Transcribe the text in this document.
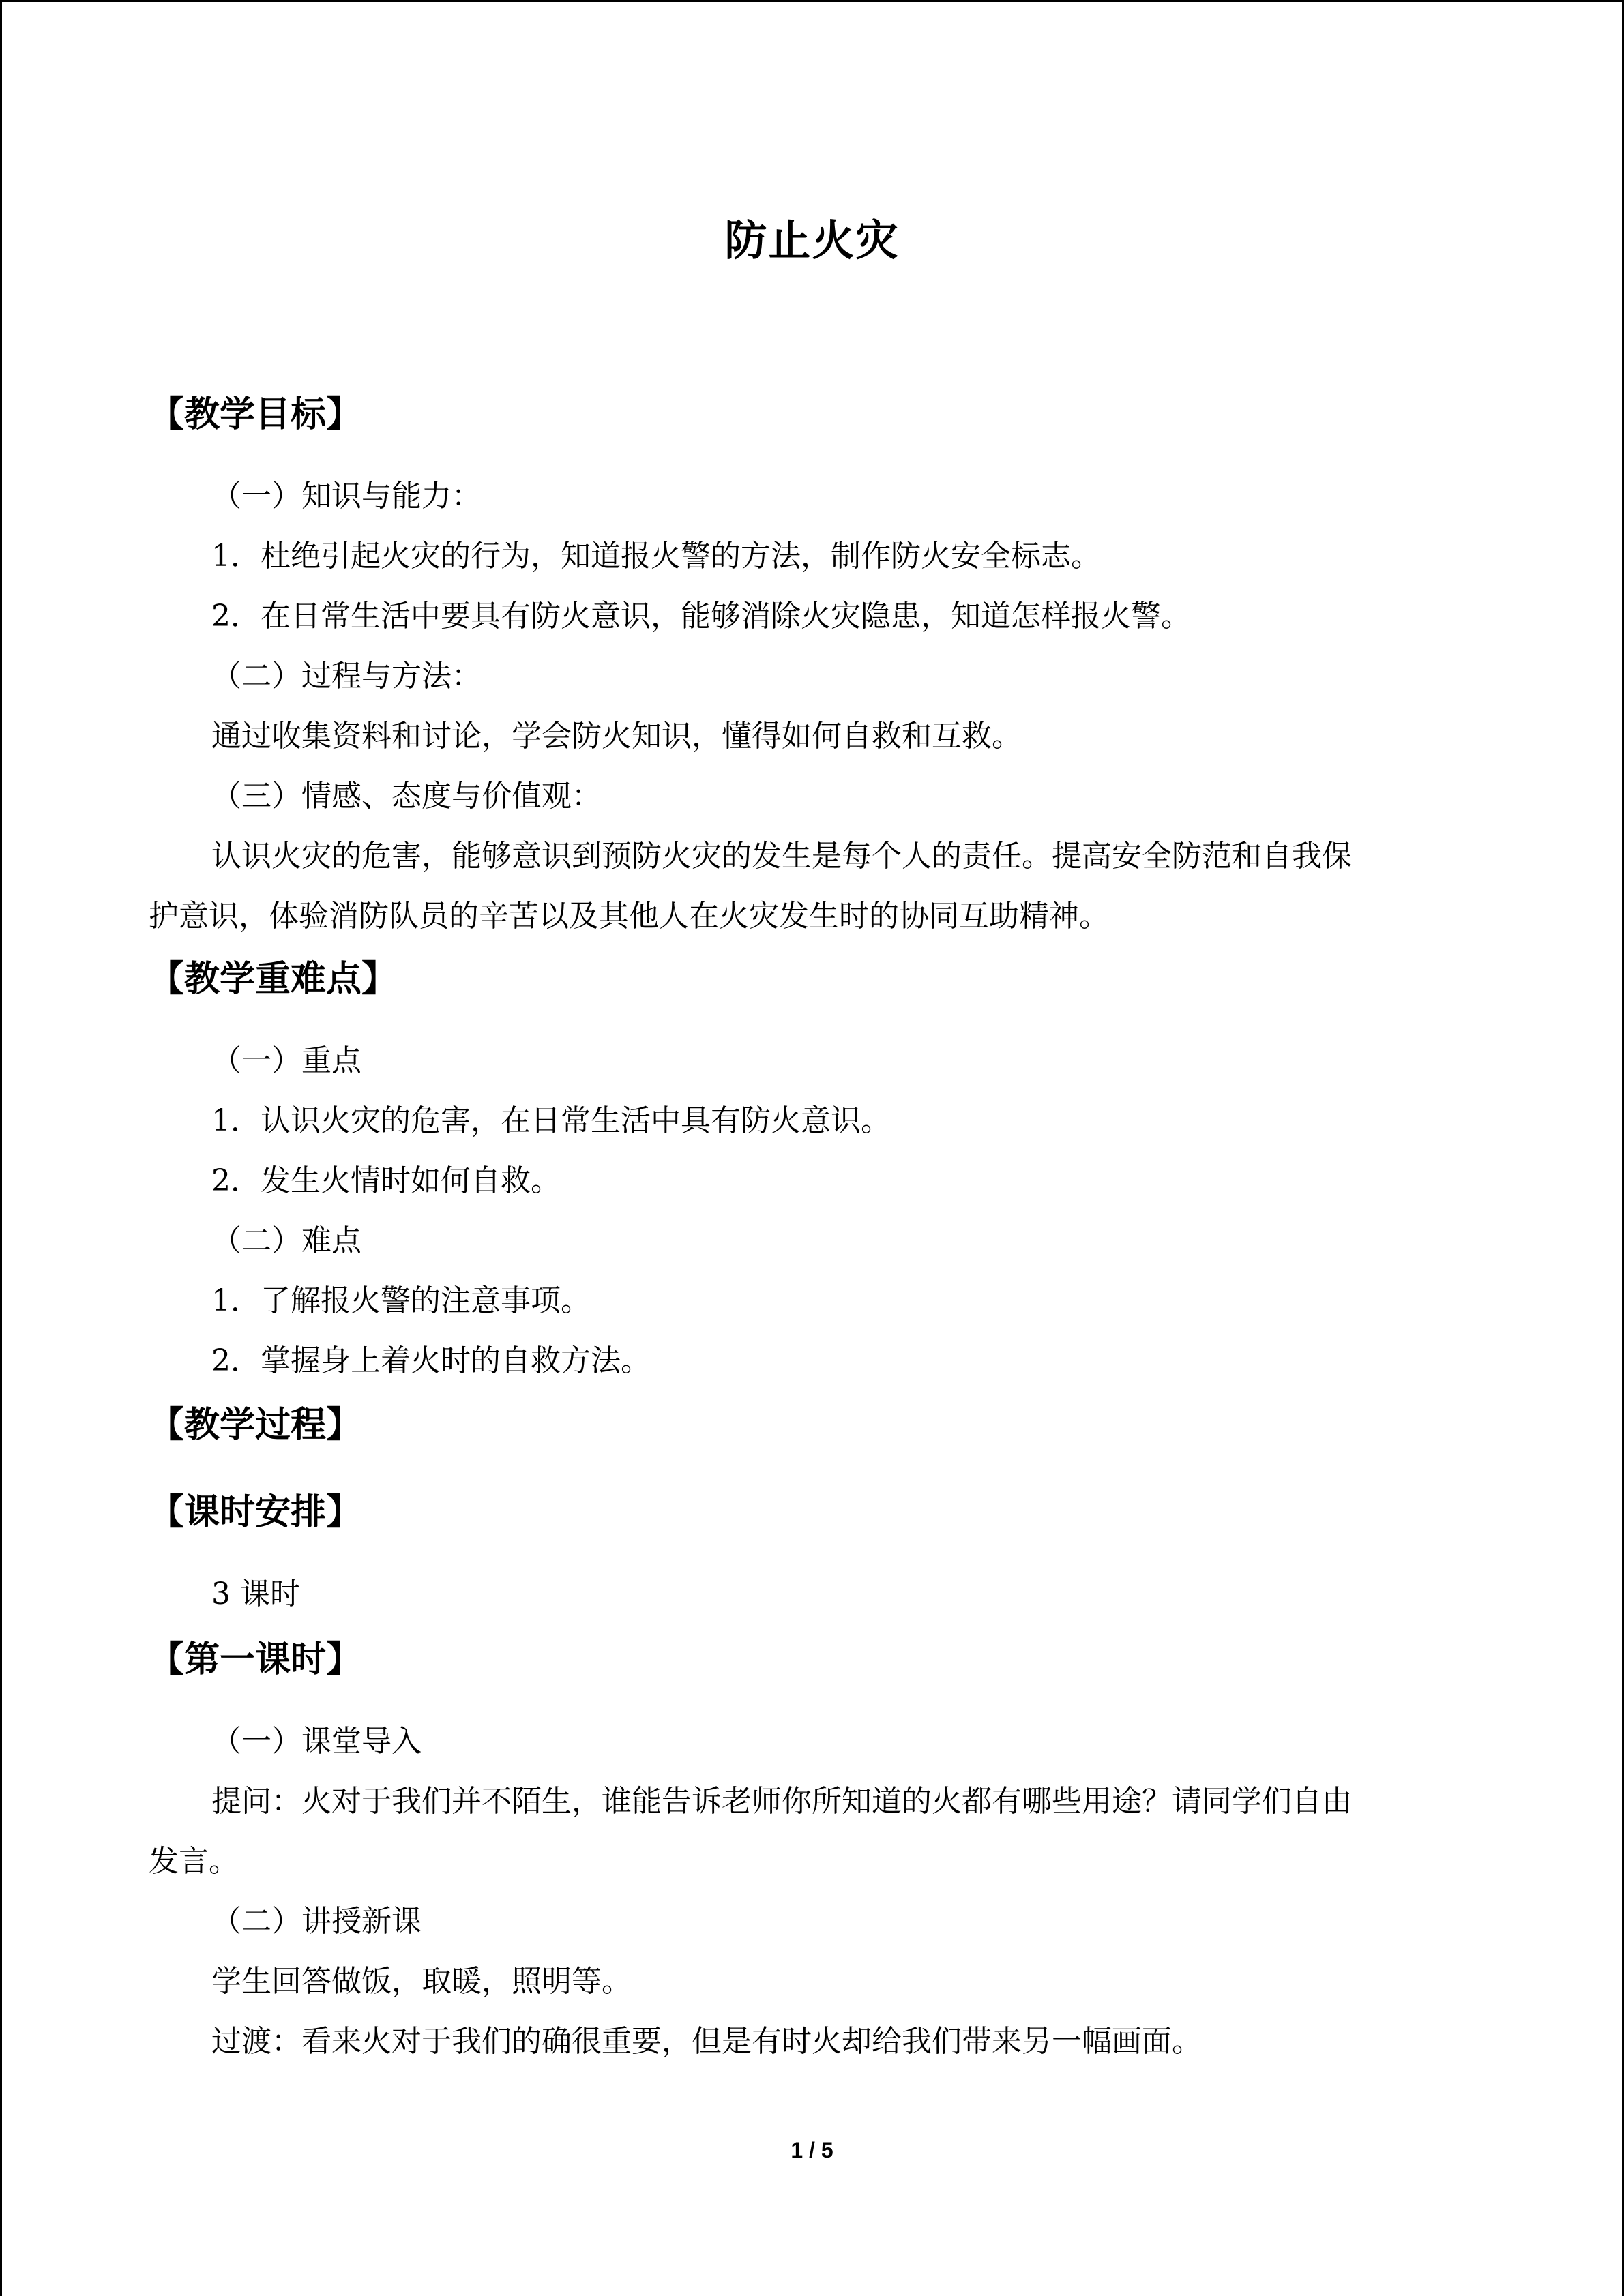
防止火灾
【教学目标】
（一）知识与能力：
1．杜绝引起火灾的行为，知道报火警的方法，制作防火安全标志。
2．在日常生活中要具有防火意识，能够消除火灾隐患，知道怎样报火警。
（二）过程与方法：
通过收集资料和讨论，学会防火知识，懂得如何自救和互救。
（三）情感、态度与价值观：
认识火灾的危害，能够意识到预防火灾的发生是每个人的责任。提高安全防范和自我保
护意识，体验消防队员的辛苦以及其他人在火灾发生时的协同互助精神。
【教学重难点】
（一）重点
1．认识火灾的危害，在日常生活中具有防火意识。
2．发生火情时如何自救。
（二）难点
1．了解报火警的注意事项。
2．掌握身上着火时的自救方法。
【教学过程】
【课时安排】
3 课时
【第一课时】
（一）课堂导入
提问：火对于我们并不陌生，谁能告诉老师你所知道的火都有哪些用途？请同学们自由
发言。
（二）讲授新课
学生回答做饭，取暖，照明等。
过渡：看来火对于我们的确很重要，但是有时火却给我们带来另一幅画面。
1 / 5
